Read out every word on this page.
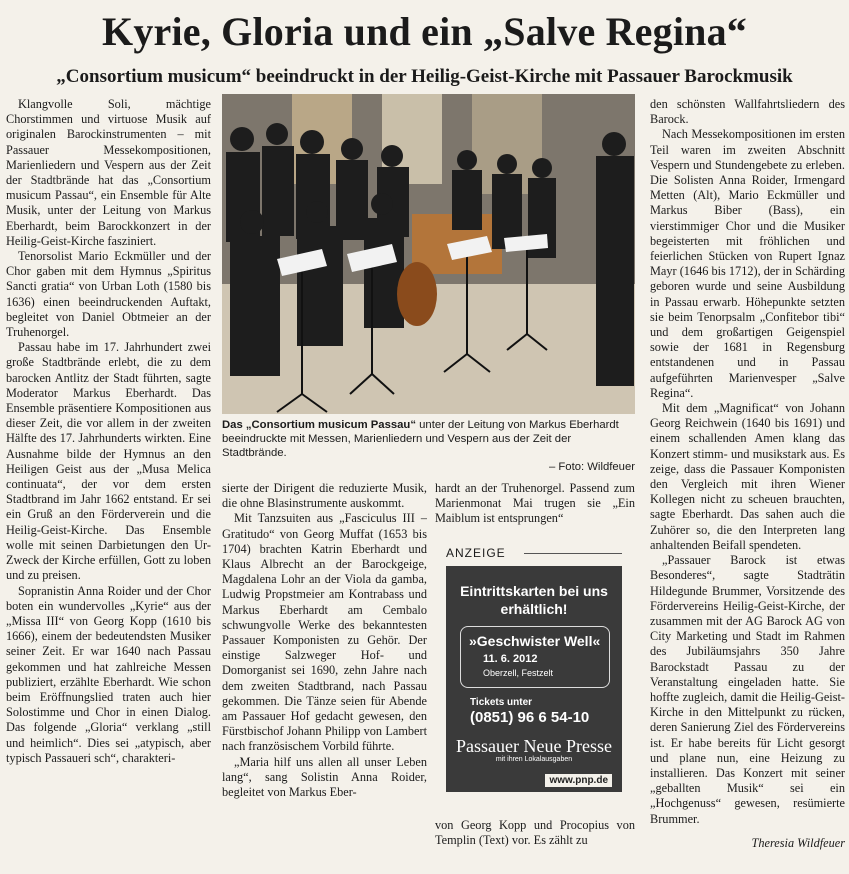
Kyrie, Gloria und ein „Salve Regina“
„Consortium musicum“ beeindruckt in der Heilig-Geist-Kirche mit Passauer Barockmusik

Klangvolle Soli, mächtige Chorstimmen und virtuose Musik auf originalen Barockinstrumenten – mit Passauer Messekompositionen, Marienliedern und Vespern aus der Zeit der Stadtbrände hat das „Consortium musicum Passau“, ein Ensemble für Alte Musik, unter der Leitung von Markus Eberhardt, beim Barockkonzert in der Heilig-Geist-Kirche fasziniert.

Tenorsolist Mario Eckmüller und der Chor gaben mit dem Hymnus „Spiritus Sancti gratia“ von Urban Loth (1580 bis 1636) einen beeindruckenden Auftakt, begleitet von Daniel Obtmeier an der Truhenorgel.

Passau habe im 17. Jahrhundert zwei große Stadtbrände erlebt, die zu dem barocken Antlitz der Stadt führten, sagte Moderator Markus Eberhardt. Das Ensemble präsentiere Kompositionen aus dieser Zeit, die vor allem in der zweiten Hälfte des 17. Jahrhunderts wirkten. Eine Ausnahme bilde der Hymnus an den Heiligen Geist aus der „Musa Melica continuata“, der vor dem ersten Stadtbrand im Jahr 1662 entstand. Er sei ein Gruß an den Förderverein und die Heilig-Geist-Kirche. Das Ensemble wolle mit seinen Darbietungen den Ur-Zweck der Kirche erfüllen, Gott zu loben und zu preisen.

Sopranistin Anna Roider und der Chor boten ein wundervolles „Kyrie“ aus der „Missa III“ von Georg Kopp (1610 bis 1666), einem der bedeutendsten Musiker seiner Zeit. Er war 1640 nach Passau gekommen und hat zahlreiche Messen publiziert, erzählte Eberhardt. Wie schon beim Eröffnungslied traten auch hier Solostimme und Chor in einen Dialog. Das folgende „Gloria“ verklang „still und heimlich“. Dies sei „atypisch, aber typisch Passaueri sch“, charakteri-

Das „Consortium musicum Passau“ unter der Leitung von Markus Eberhardt beeindruckte mit Messen, Marienliedern und Vespern aus der Zeit der Stadtbrände.
– Foto: Wildfeuer

sierte der Dirigent die reduzierte Musik, die ohne Blasinstrumente auskommt.

Mit Tanzsuiten aus „Fasciculus III – Gratitudo“ von Georg Muffat (1653 bis 1704) brachten Katrin Eberhardt und Klaus Albrecht an der Barockgeige, Magdalena Lohr an der Viola da gamba, Ludwig Propstmeier am Kontrabass und Markus Eberhardt am Cembalo schwungvolle Werke des bekanntesten Passauer Komponisten zu Gehör. Der einstige Salzweger Hof- und Domorganist sei 1690, zehn Jahre nach dem zweiten Stadtbrand, nach Passau gekommen. Die Tänze seien für Abende am Passauer Hof gedacht gewesen, den Fürstbischof Johann Philipp von Lambert nach französischem Vorbild führte.

„Maria hilf uns allen all unser Leben lang“, sang Solistin Anna Roider, begleitet von Markus Eber-

hardt an der Truhenorgel. Passend zum Marienmonat Mai trugen sie „Ein Maiblum ist entsprungen“

ANZEIGE
Eintrittskarten bei uns erhältlich!
»Geschwister Well«
11. 6. 2012
Oberzell, Festzelt
Tickets unter
(0851) 96 6 54-10
Passauer Neue Presse
mit ihren Lokalausgaben
www.pnp.de

von Georg Kopp und Procopius von Templin (Text) vor. Es zählt zu

den schönsten Wallfahrtsliedern des Barock.

Nach Messekompositionen im ersten Teil waren im zweiten Abschnitt Vespern und Stundengebete zu erleben. Die Solisten Anna Roider, Irmengard Metten (Alt), Mario Eckmüller und Markus Biber (Bass), ein vierstimmiger Chor und die Musiker begeisterten mit fröhlichen und feierlichen Stücken von Rupert Ignaz Mayr (1646 bis 1712), der in Schärding geboren wurde und seine Ausbildung in Passau erwarb. Höhepunkte setzten sie beim Tenorpsalm „Confitebor tibi“ und dem großartigen Geigenspiel sowie der 1681 in Regensburg entstandenen und in Passau aufgeführten Marienvesper „Salve Regina“.

Mit dem „Magnificat“ von Johann Georg Reichwein (1640 bis 1691) und einem schallenden Amen klang das Konzert stimm- und musikstark aus. Es zeige, dass die Passauer Komponisten den Vergleich mit ihren Wiener Kollegen nicht zu scheuen brauchten, sagte Eberhardt. Das sahen auch die Zuhörer so, die den Interpreten lang anhaltenden Beifall spendeten.

„Passauer Barock ist etwas Besonderes“, sagte Stadträtin Hildegunde Brummer, Vorsitzende des Fördervereins Heilig-Geist-Kirche, der zusammen mit der AG Barock AG von City Marketing und Stadt im Rahmen des Jubiläumsjahrs 350 Jahre Barockstadt Passau zu der Veranstaltung eingeladen hatte. Sie hoffte zugleich, damit die Heilig-Geist-Kirche in den Mittelpunkt zu rücken, deren Sanierung Ziel des Fördervereins ist. Er habe bereits für Licht gesorgt und plane nun, eine Heizung zu installieren. Das Konzert mit seiner „geballten Musik“ sei ein „Hochgenuss“ gewesen, resümierte Brummer.

Theresia Wildfeuer
